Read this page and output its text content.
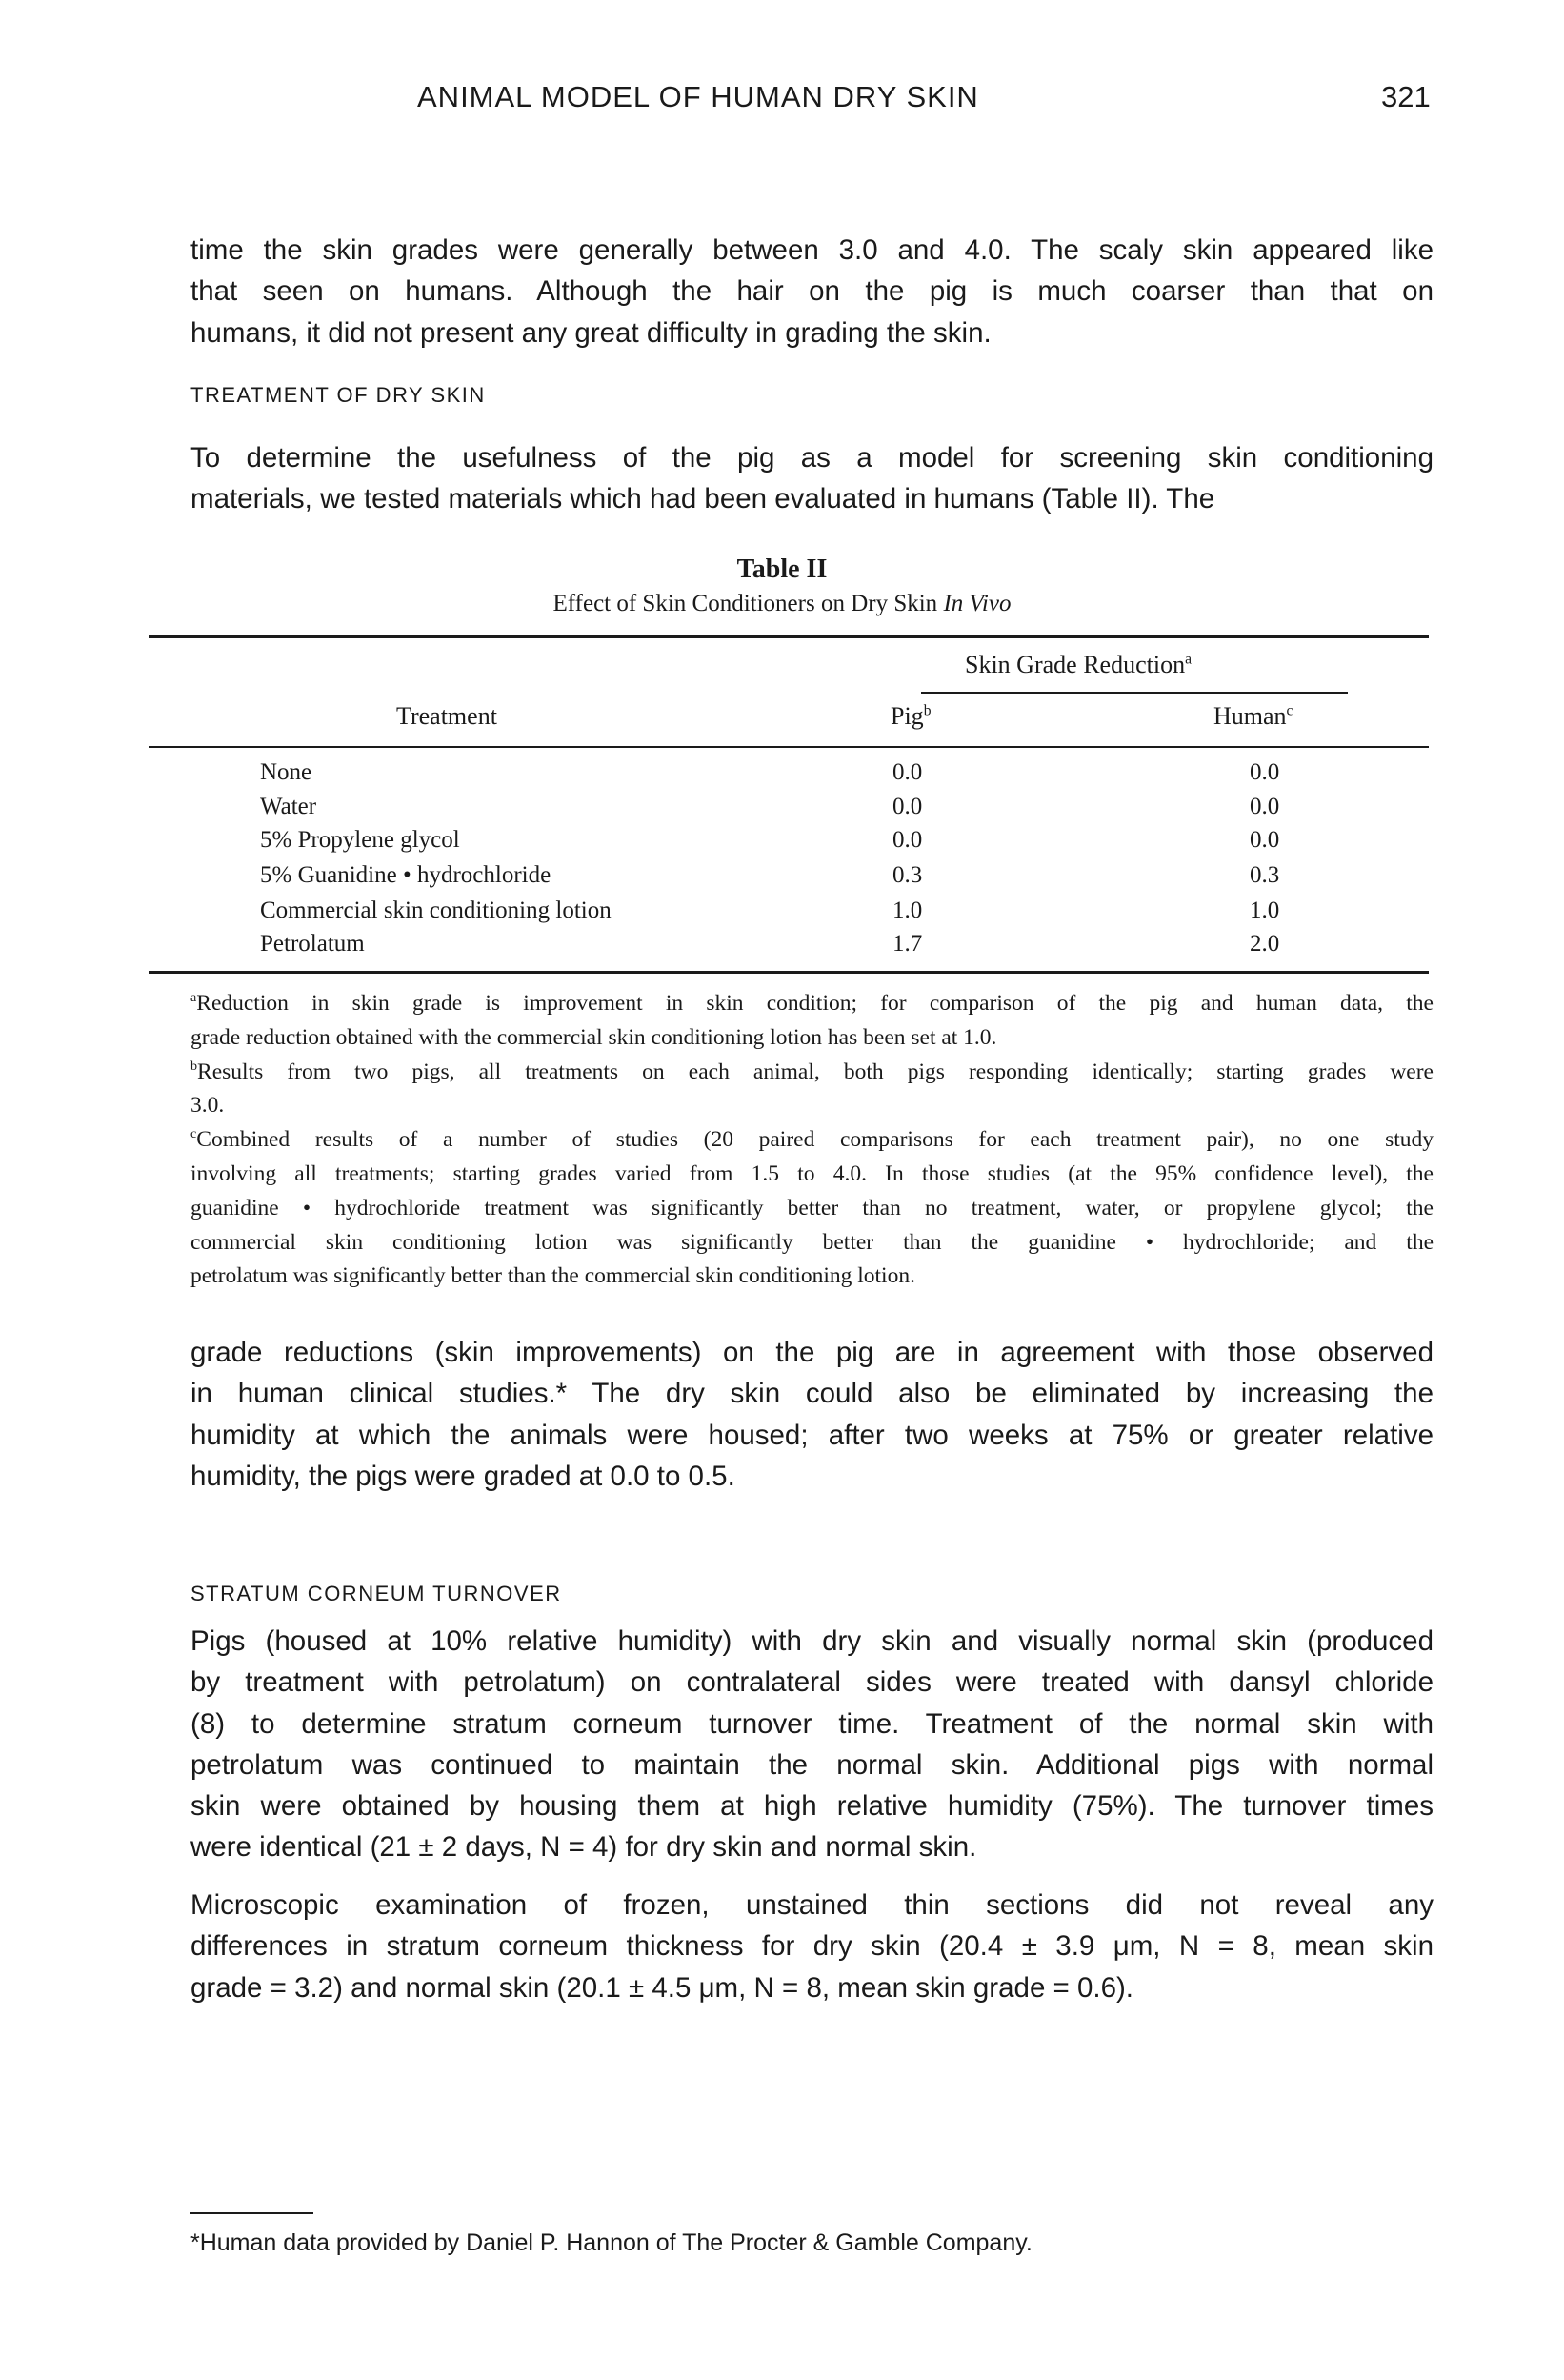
ANIMAL MODEL OF HUMAN DRY SKIN	321
time the skin grades were generally between 3.0 and 4.0. The scaly skin appeared like
that seen on humans. Although the hair on the pig is much coarser than that on
humans, it did not present any great difficulty in grading the skin.
TREATMENT OF DRY SKIN
To determine the usefulness of the pig as a model for screening skin conditioning
materials, we tested materials which had been evaluated in humans (Table II). The
Table II
Effect of Skin Conditioners on Dry Skin In Vivo
Skin Grade Reduction$^a$
Treatment	Pig$^b$	Human$^c$
None	0.0	0.0
Water	0.0	0.0
5% Propylene glycol	0.0	0.0
5% Guanidine • hydrochloride	0.3	0.3
Commercial skin conditioning lotion	1.0	1.0
Petrolatum	1.7	2.0
$^a$Reduction in skin grade is improvement in skin condition; for comparison of the pig and human data, the
grade reduction obtained with the commercial skin conditioning lotion has been set at 1.0.
$^b$Results from two pigs, all treatments on each animal, both pigs responding identically; starting grades were
3.0.
$^c$Combined results of a number of studies (20 paired comparisons for each treatment pair), no one study
involving all treatments; starting grades varied from 1.5 to 4.0. In those studies (at the 95% confidence level), the
guanidine • hydrochloride treatment was significantly better than no treatment, water, or propylene glycol; the
commercial skin conditioning lotion was significantly better than the guanidine • hydrochloride; and the
petrolatum was significantly better than the commercial skin conditioning lotion.
grade reductions (skin improvements) on the pig are in agreement with those observed
in human clinical studies.* The dry skin could also be eliminated by increasing the
humidity at which the animals were housed; after two weeks at 75% or greater relative
humidity, the pigs were graded at 0.0 to 0.5.
STRATUM CORNEUM TURNOVER
Pigs (housed at 10% relative humidity) with dry skin and visually normal skin (produced
by treatment with petrolatum) on contralateral sides were treated with dansyl chloride
(8) to determine stratum corneum turnover time. Treatment of the normal skin with
petrolatum was continued to maintain the normal skin. Additional pigs with normal
skin were obtained by housing them at high relative humidity (75%). The turnover times
were identical (21 ± 2 days, N = 4) for dry skin and normal skin.
Microscopic examination of frozen, unstained thin sections did not reveal any
differences in stratum corneum thickness for dry skin (20.4 ± 3.9 μm, N = 8, mean skin
grade = 3.2) and normal skin (20.1 ± 4.5 μm, N = 8, mean skin grade = 0.6).
*Human data provided by Daniel P. Hannon of The Procter & Gamble Company.
